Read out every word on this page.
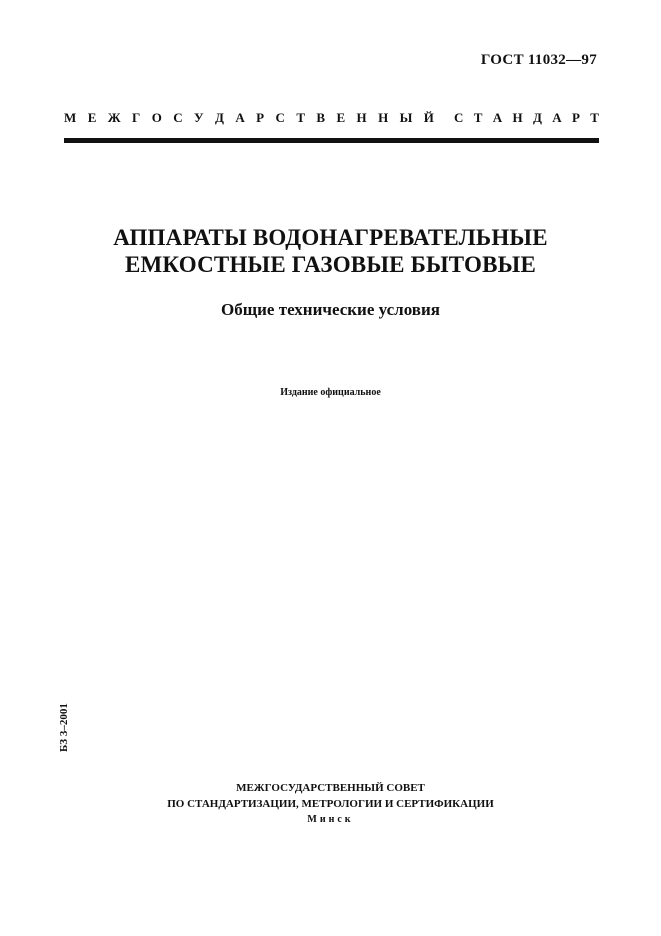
ГОСТ 11032—97
М Е Ж Г О С У Д А Р С Т В Е Н Н Ы Й С Т А Н Д А Р Т
АППАРАТЫ ВОДОНАГРЕВАТЕЛЬНЫЕ
ЕМКОСТНЫЕ ГАЗОВЫЕ БЫТОВЫЕ
Общие технические условия
Издание официальное
БЗ 3–2001
МЕЖГОСУДАРСТВЕННЫЙ СОВЕТ
ПО СТАНДАРТИЗАЦИИ, МЕТРОЛОГИИ И СЕРТИФИКАЦИИ
Минск
